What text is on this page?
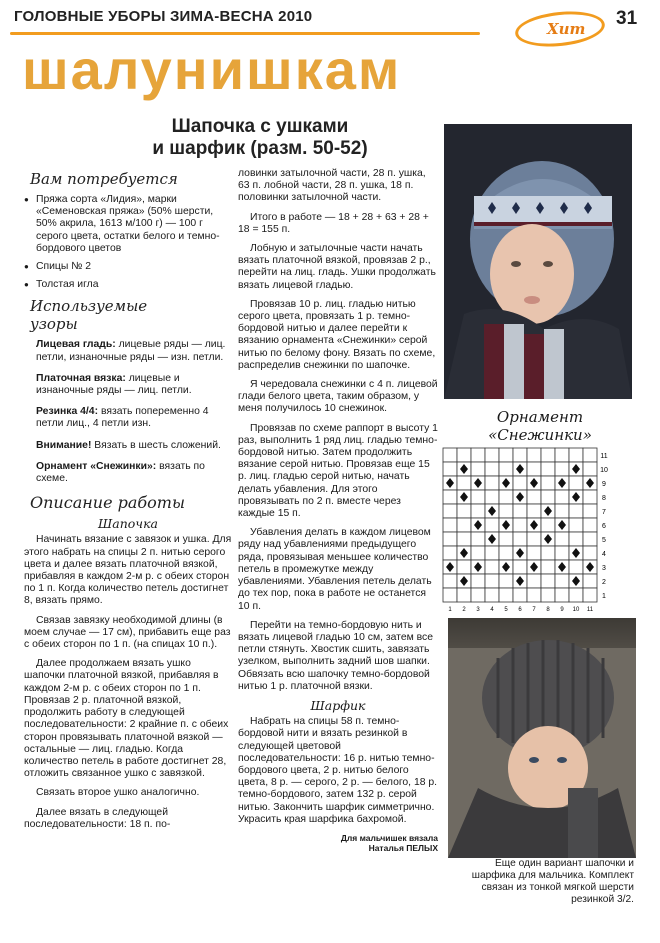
ГОЛОВНЫЕ УБОРЫ ЗИМА-ВЕСНА 2010
Хит 31
шалунишкам
Шапочка с ушками
и шарфик (разм. 50-52)
Вам потребуется
● Пряжа сорта «Лидия», марки «Семеновская пряжа» (50% шерсти, 50% акрила, 1613 м/100 г) — 100 г серого цвета, остатки белого и темно-бордового цветов
● Спицы № 2
● Толстая игла
Используемые
узоры
Лицевая гладь: лицевые ряды — лиц. петли, изнаночные ряды — изн. петли.
Платочная вязка: лицевые и изнаночные ряды — лиц. петли.
Резинка 4/4: вязать попеременно 4 петли лиц., 4 петли изн.
Внимание! Вязать в шесть сложений.
Орнамент «Снежинки»: вязать по схеме.
Описание работы
Шапочка
Начинать вязание с завязок и ушка. Для этого набрать на спицы 2 п. нитью серого цвета и далее вязать платочной вязкой, прибавляя в каждом 2-м р. с обеих сторон по 1 п. Когда количество петель достигнет 8, вязать прямо.
Связав завязку необходимой длины (в моем случае — 17 см), прибавить еще раз с обеих сторон по 1 п. (на спицах 10 п.).
Далее продолжаем вязать ушко шапочки платочной вязкой, прибавляя в каждом 2-м р. с обеих сторон по 1 п. Провязав 2 р. платочной вязкой, продолжить работу в следующей последовательности: 2 крайние п. с обеих сторон провязывать платочной вязкой — остальные — лиц. гладью. Когда количество петель в работе достигнет 28, отложить связанное ушко с завязкой.
Связать второе ушко аналогично.
Далее вязать в следующей последовательности: 18 п. по-
ловинки затылочной части, 28 п. ушка, 63 п. лобной части, 28 п. ушка, 18 п. половинки затылочной части.
Итого в работе — 18 + 28 + 63 + 28 + 18 = 155 п.
Лобную и затылочные части начать вязать платочной вязкой, провязав 2 р., перейти на лиц. гладь. Ушки продолжать вязать лицевой гладью.
Провязав 10 р. лиц. гладью нитью серого цвета, провязать 1 р. темно-бордовой нитью и далее перейти к вязанию орнамента «Снежинки» серой нитью по белому фону. Вязать по схеме, распределив снежинки по шапочке.
Я чередовала снежинки с 4 п. лицевой глади белого цвета, таким образом, у меня получилось 10 снежинок.
Провязав по схеме раппорт в высоту 1 раз, выполнить 1 ряд лиц. гладью темно-бордовой нитью. Затем продолжить вязание серой нитью. Провязав еще 15 р. лиц. гладью серой нитью, начать делать убавления. Для этого провязывать по 2 п. вместе через каждые 15 п.
Убавления делать в каждом лицевом ряду над убавлениями предыдущего ряда, провязывая меньшее количество петель в промежутке между убавлениями. Убавления петель делать до тех пор, пока в работе не останется 10 п.
Перейти на темно-бордовую нить и вязать лицевой гладью 10 см, затем все петли стянуть. Хвостик сшить, завязать узелком, выполнить задний шов шапки. Обвязать всю шапочку темно-бордовой нитью 1 р. платочной вязки.
Шарфик
Набрать на спицы 58 п. темно-бордовой нити и вязать резинкой в следующей цветовой последовательности: 16 р. нитью темно-бордового цвета, 2 р. нитью белого цвета, 8 р. — серого, 2 р. — белого, 18 р. темно-бордового, затем 132 р. серой нитью. Закончить шарфик симметрично. Украсить края шарфика бахромой.
Для мальчишек вязала
Наталья ПЕЛЫХ
Орнамент
«Снежинки»
11
10
9
8
7
6
5
4
3
2
1
1 2 3 4 5 6 7 8 9 10 11
Еще один вариант шапочки и шарфика для мальчика. Комплект связан из тонкой мягкой шерсти резинкой 3/2.
